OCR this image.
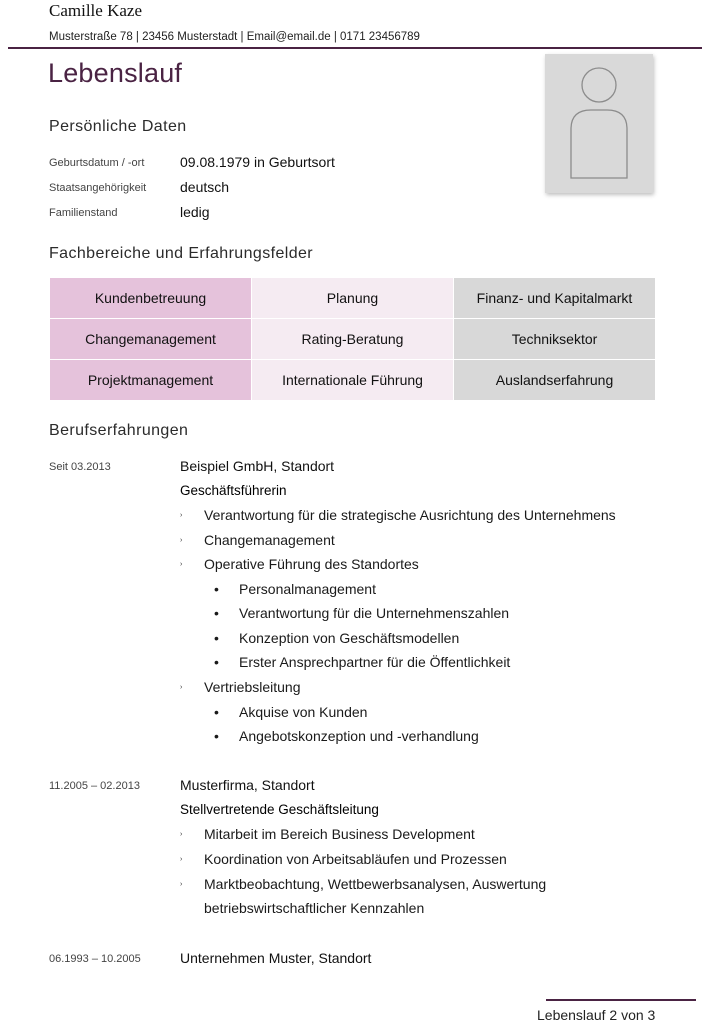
Camille Kaze
Musterstraße 78 | 23456 Musterstadt | Email@email.de | 0171 23456789
Lebenslauf
Persönliche Daten
Geburtsdatum / -ort	09.08.1979 in Geburtsort
Staatsangehörigkeit deutsch
Familienstand	ledig
Fachbereiche und Erfahrungsfelder
Kundenbetreuung	Planung	Finanz- und Kapitalmarkt
Changemanagement	Rating-Beratung	Techniksektor
Projektmanagement	Internationale Führung	Auslandserfahrung
Berufserfahrungen
Seit 03.2013	Beispiel GmbH, Standort
Geschäftsführerin
› Verantwortung für die strategische Ausrichtung des Unternehmens
› Changemanagement
› Operative Führung des Standortes
• Personalmanagement
• Verantwortung für die Unternehmenszahlen
• Konzeption von Geschäftsmodellen
• Erster Ansprechpartner für die Öffentlichkeit
› Vertriebsleitung
• Akquise von Kunden
• Angebotskonzeption und -verhandlung
11.2005 – 02.2013	Musterfirma, Standort
Stellvertretende Geschäftsleitung
› Mitarbeit im Bereich Business Development
› Koordination von Arbeitsabläufen und Prozessen
› Marktbeobachtung, Wettbewerbsanalysen, Auswertung
betriebswirtschaftlicher Kennzahlen
06.1993 – 10.2005	Unternehmen Muster, Standort
Lebenslauf 2 von 3
